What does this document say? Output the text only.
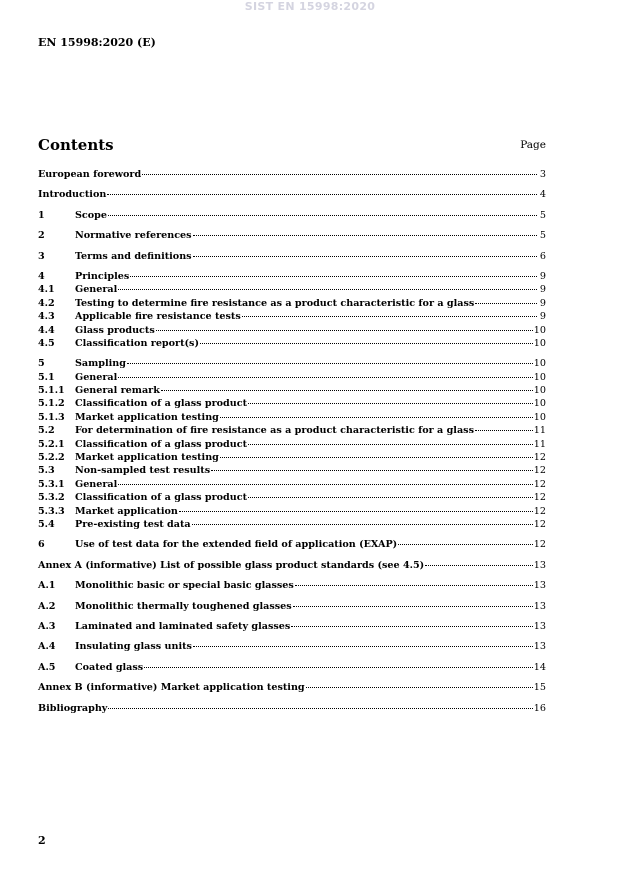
SIST EN 15998:2020
EN 15998:2020 (E)
Contents	Page
European foreword	3
Introduction	4
1	Scope	5
2	Normative references	5
3	Terms and definitions	6
4	Principles	9
4.1	General	9
4.2	Testing to determine fire resistance as a product characteristic for a glass	9
4.3	Applicable fire resistance tests	9
4.4	Glass products	10
4.5	Classification report(s)	10
5	Sampling	10
5.1	General	10
5.1.1	General remark	10
5.1.2	Classification of a glass product	10
5.1.3	Market application testing	10
5.2	For determination of fire resistance as a product characteristic for a glass	11
5.2.1	Classification of a glass product	11
5.2.2	Market application testing	12
5.3	Non-sampled test results	12
5.3.1	General	12
5.3.2	Classification of a glass product	12
5.3.3	Market application	12
5.4	Pre-existing test data	12
6	Use of test data for the extended field of application (EXAP)	12
Annex A (informative) List of possible glass product standards (see 4.5)	13
A.1	Monolithic basic or special basic glasses	13
A.2	Monolithic thermally toughened glasses	13
A.3	Laminated and laminated safety glasses	13
A.4	Insulating glass units	13
A.5	Coated glass	14
Annex B (informative) Market application testing	15
Bibliography	16
2
